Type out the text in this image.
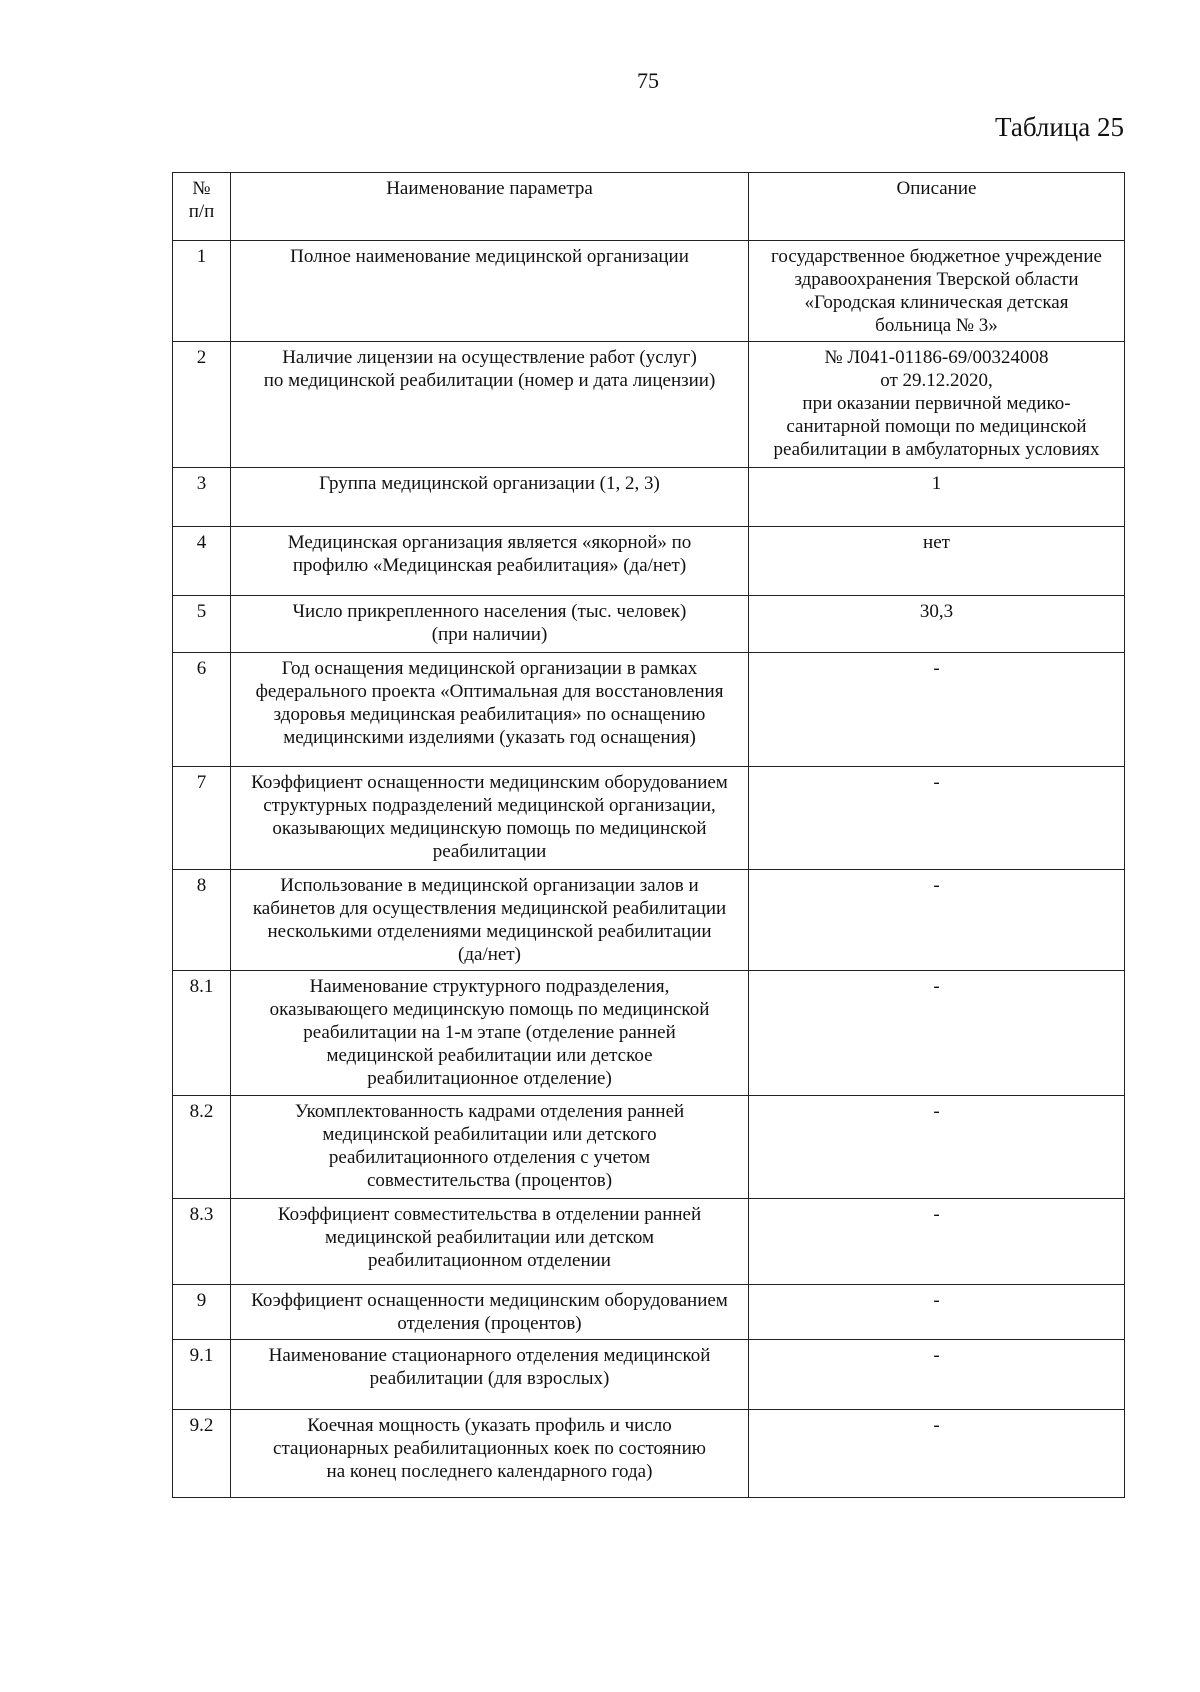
75
Таблица 25
№
п/п	Наименование параметра	Описание

1	Полное наименование медицинской организации	государственное бюджетное учреждение
здравоохранения Тверской области
«Городская клиническая детская
больница № 3»

2	Наличие лицензии на осуществление работ (услуг)
по медицинской реабилитации (номер и дата лицензии)	№ Л041-01186-69/00324008
от 29.12.2020,
при оказании первичной медико-
санитарной помощи по медицинской
реабилитации в амбулаторных условиях

3	Группа медицинской организации (1, 2, 3)	1

4	Медицинская организация является «якорной» по
профилю «Медицинская реабилитация» (да/нет)	нет

5	Число прикрепленного населения (тыс. человек)
(при наличии)	30,3

6	Год оснащения медицинской организации в рамках
федерального проекта «Оптимальная для восстановления
здоровья медицинская реабилитация» по оснащению
медицинскими изделиями (указать год оснащения)	-

7	Коэффициент оснащенности медицинским оборудованием
структурных подразделений медицинской организации,
оказывающих медицинскую помощь по медицинской
реабилитации	-

8	Использование в медицинской организации залов и
кабинетов для осуществления медицинской реабилитации
несколькими отделениями медицинской реабилитации
(да/нет)	-

8.1	Наименование структурного подразделения,
оказывающего медицинскую помощь по медицинской
реабилитации на 1-м этапе (отделение ранней
медицинской реабилитации или детское
реабилитационное отделение)	-

8.2	Укомплектованность кадрами отделения ранней
медицинской реабилитации или детского
реабилитационного отделения с учетом
совместительства (процентов)	-

8.3	Коэффициент совместительства в отделении ранней
медицинской реабилитации или детском
реабилитационном отделении	-

9	Коэффициент оснащенности медицинским оборудованием
отделения (процентов)	-

9.1	Наименование стационарного отделения медицинской
реабилитации (для взрослых)	-

9.2	Коечная мощность (указать профиль и число
стационарных реабилитационных коек по состоянию
на конец последнего календарного года)	-
